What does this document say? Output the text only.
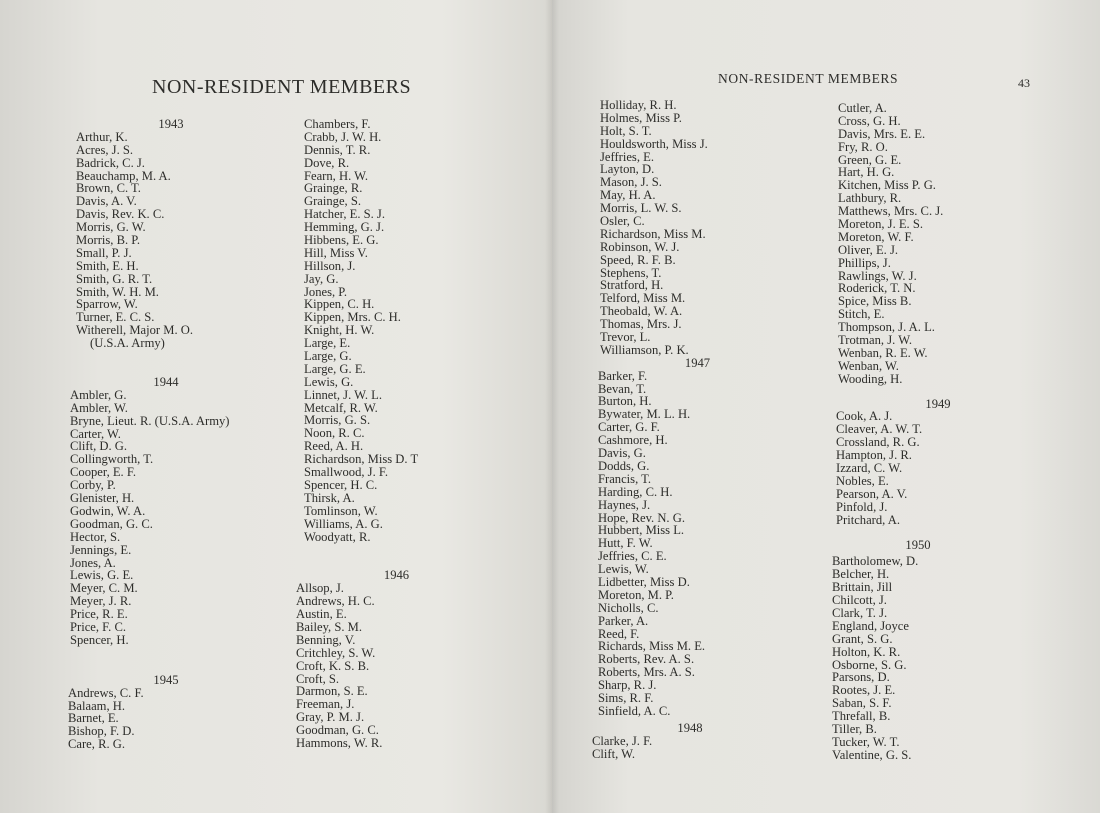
NON-RESIDENT MEMBERS	NON-RESIDENT MEMBERS	43
1943
Arthur, K.
Acres, J. S.
Badrick, C. J.
Beauchamp, M. A.
Brown, C. T.
Davis, A. V.
Davis, Rev. K. C.
Morris, G. W.
Morris, B. P.
Small, P. J.
Smith, E. H.
Smith, G. R. T.
Smith, W. H. M.
Sparrow, W.
Turner, E. C. S.
Witherell, Major M. O.
(U.S.A. Army)
1944
Ambler, G.
Ambler, W.
Bryne, Lieut. R. (U.S.A. Army)
Carter, W.
Clift, D. G.
Collingworth, T.
Cooper, E. F.
Corby, P.
Glenister, H.
Godwin, W. A.
Goodman, G. C.
Hector, S.
Jennings, E.
Jones, A.
Lewis, G. E.
Meyer, C. M.
Meyer, J. R.
Price, R. E.
Price, F. C.
Spencer, H.
1945
Andrews, C. F.
Balaam, H.
Barnet, E.
Bishop, F. D.
Care, R. G.
Chambers, F.
Crabb, J. W. H.
Dennis, T. R.
Dove, R.
Fearn, H. W.
Grainge, R.
Grainge, S.
Hatcher, E. S. J.
Hemming, G. J.
Hibbens, E. G.
Hill, Miss V.
Hillson, J.
Jay, G.
Jones, P.
Kippen, C. H.
Kippen, Mrs. C. H.
Knight, H. W.
Large, E.
Large, G.
Large, G. E.
Lewis, G.
Linnet, J. W. L.
Metcalf, R. W.
Morris, G. S.
Noon, R. C.
Reed, A. H.
Richardson, Miss D. T
Smallwood, J. F.
Spencer, H. C.
Thirsk, A.
Tomlinson, W.
Williams, A. G.
Woodyatt, R.
1946
Allsop, J.
Andrews, H. C.
Austin, E.
Bailey, S. M.
Benning, V.
Critchley, S. W.
Croft, K. S. B.
Croft, S.
Darmon, S. E.
Freeman, J.
Gray, P. M. J.
Goodman, G. C.
Hammons, W. R.
Holliday, R. H.
Holmes, Miss P.
Holt, S. T.
Houldsworth, Miss J.
Jeffries, E.
Layton, D.
Mason, J. S.
May, H. A.
Morris, L. W. S.
Osler, C.
Richardson, Miss M.
Robinson, W. J.
Speed, R. F. B.
Stephens, T.
Stratford, H.
Telford, Miss M.
Theobald, W. A.
Thomas, Mrs. J.
Trevor, L.
Williamson, P. K.
1947
Barker, F.
Bevan, T.
Burton, H.
Bywater, M. L. H.
Carter, G. F.
Cashmore, H.
Davis, G.
Dodds, G.
Francis, T.
Harding, C. H.
Haynes, J.
Hope, Rev. N. G.
Hubbert, Miss L.
Hutt, F. W.
Jeffries, C. E.
Lewis, W.
Lidbetter, Miss D.
Moreton, M. P.
Nicholls, C.
Parker, A.
Reed, F.
Richards, Miss M. E.
Roberts, Rev. A. S.
Roberts, Mrs. A. S.
Sharp, R. J.
Sims, R. F.
Sinfield, A. C.
1948
Clarke, J. F.
Clift, W.
Cutler, A.
Cross, G. H.
Davis, Mrs. E. E.
Fry, R. O.
Green, G. E.
Hart, H. G.
Kitchen, Miss P. G.
Lathbury, R.
Matthews, Mrs. C. J.
Moreton, J. E. S.
Moreton, W. F.
Oliver, E. J.
Phillips, J.
Rawlings, W. J.
Roderick, T. N.
Spice, Miss B.
Stitch, E.
Thompson, J. A. L.
Trotman, J. W.
Wenban, R. E. W.
Wenban, W.
Wooding, H.
1949
Cook, A. J.
Cleaver, A. W. T.
Crossland, R. G.
Hampton, J. R.
Izzard, C. W.
Nobles, E.
Pearson, A. V.
Pinfold, J.
Pritchard, A.
1950
Bartholomew, D.
Belcher, H.
Brittain, Jill
Chilcott, J.
Clark, T. J.
England, Joyce
Grant, S. G.
Holton, K. R.
Osborne, S. G.
Parsons, D.
Rootes, J. E.
Saban, S. F.
Threfall, B.
Tiller, B.
Tucker, W. T.
Valentine, G. S.
